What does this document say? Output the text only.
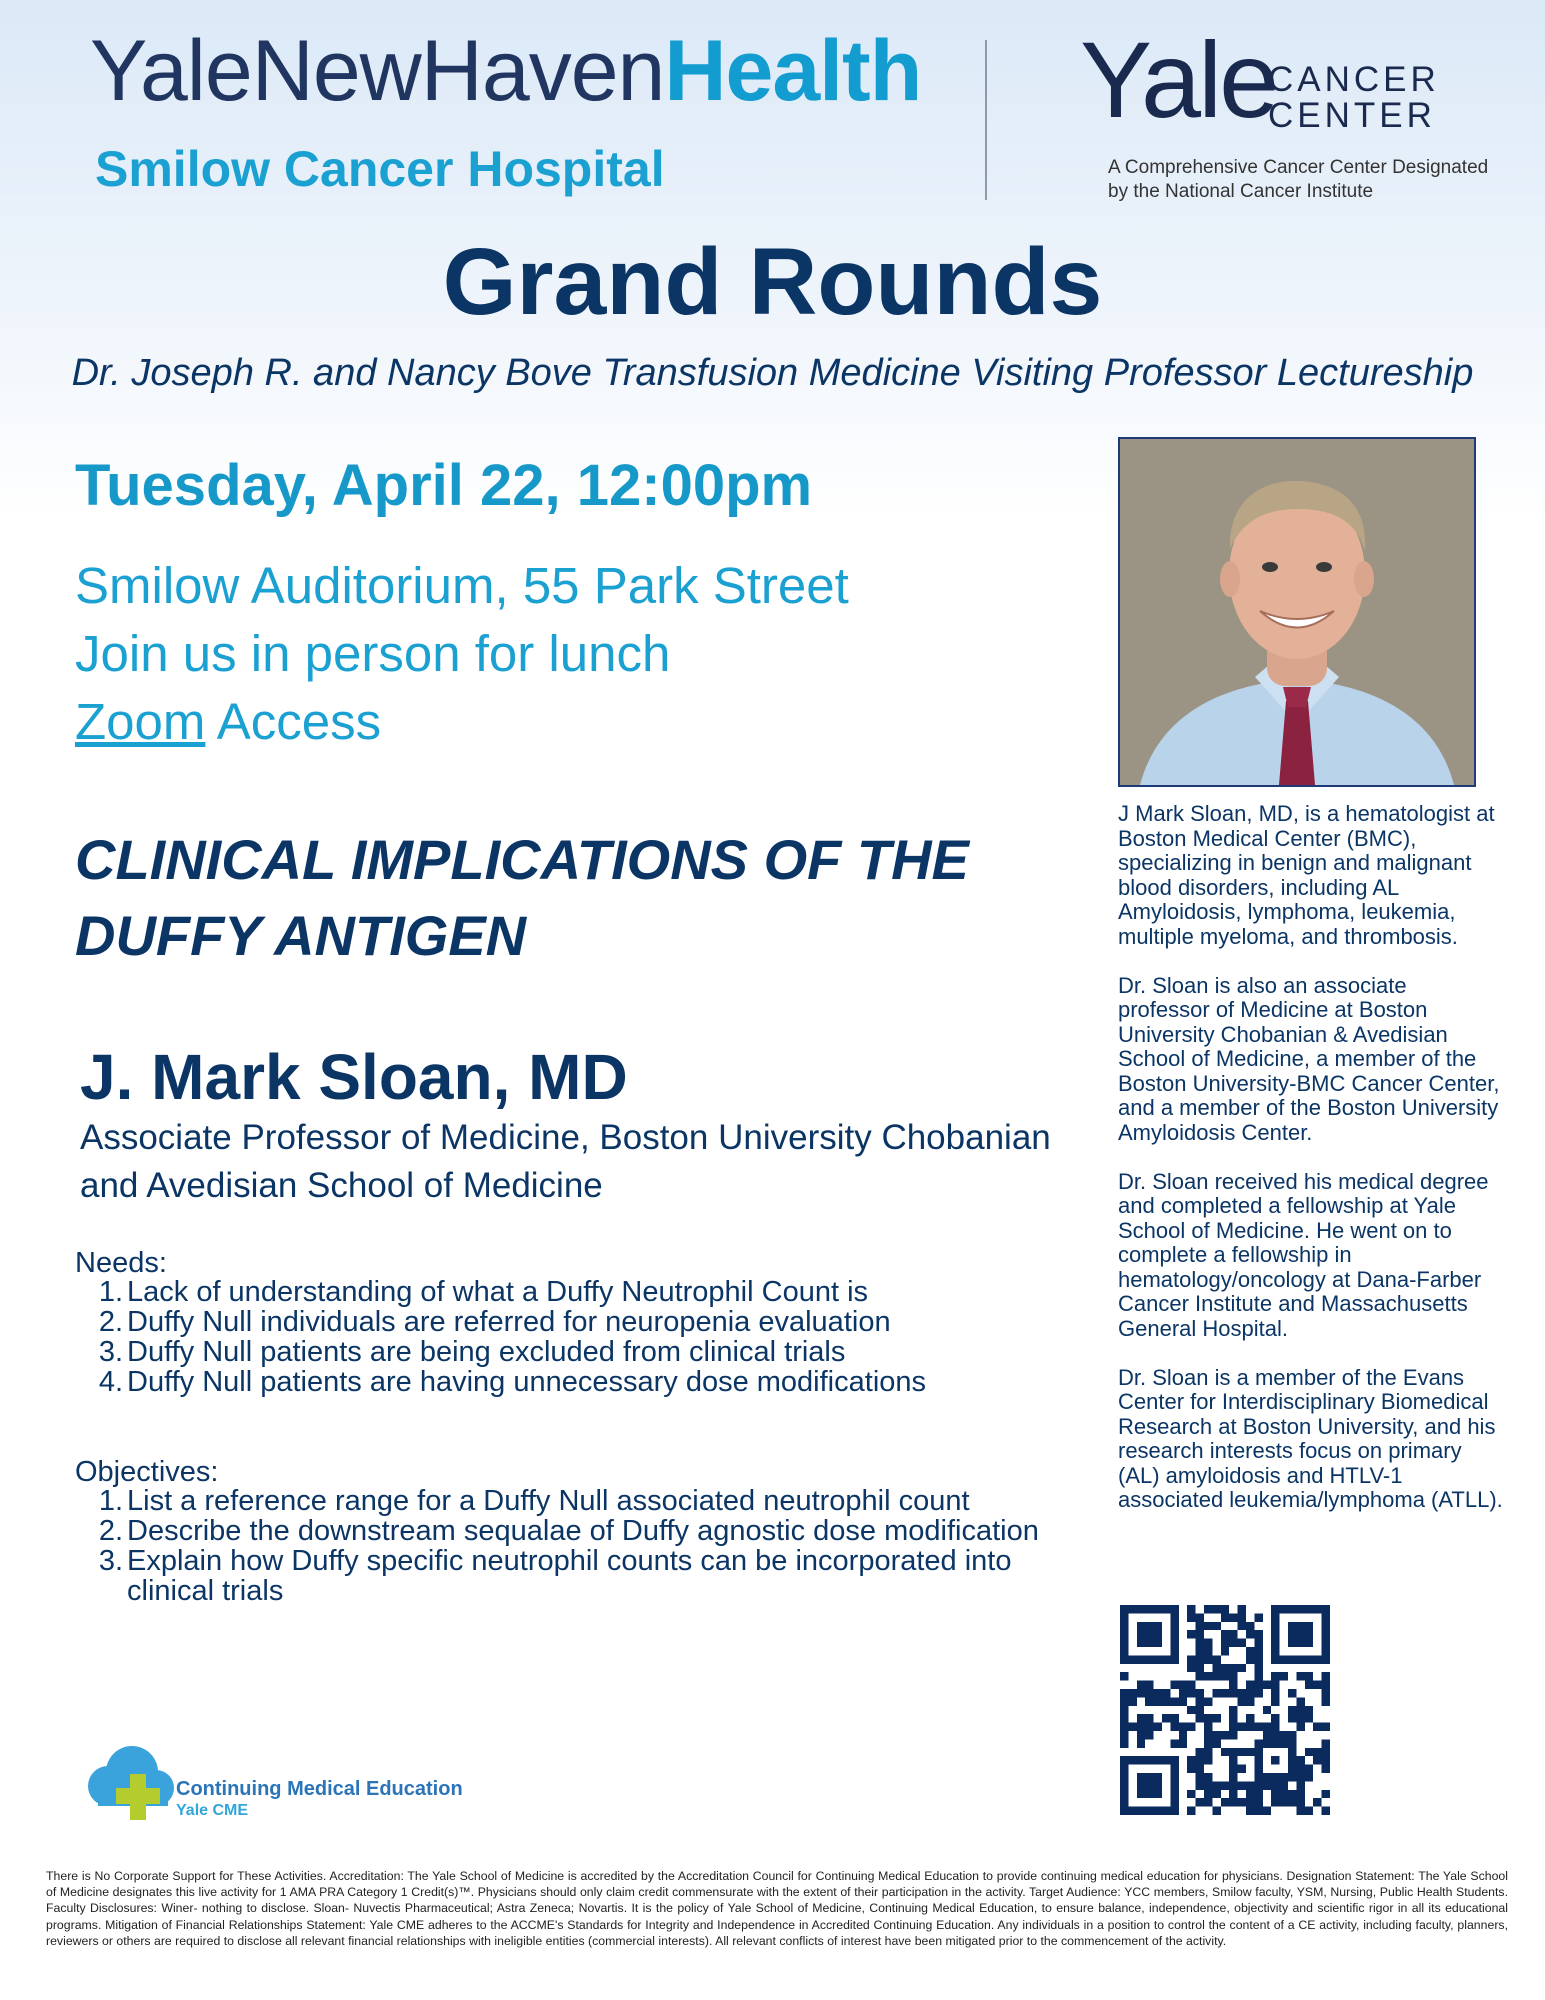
YaleNewHavenHealth
Smilow Cancer Hospital
Yale
CANCER
CENTER
A Comprehensive Cancer Center Designated
by the National Cancer Institute
Grand Rounds
Dr. Joseph R. and Nancy Bove Transfusion Medicine Visiting Professor Lectureship
Tuesday, April 22, 12:00pm
Smilow Auditorium, 55 Park Street
Join us in person for lunch
Zoom Access
CLINICAL IMPLICATIONS OF THE
DUFFY ANTIGEN
J. Mark Sloan, MD
Associate Professor of Medicine, Boston University Chobanian and Avedisian School of Medicine
Needs:
1. Lack of understanding of what a Duffy Neutrophil Count is
2. Duffy Null individuals are referred for neuropenia evaluation
3. Duffy Null patients are being excluded from clinical trials
4. Duffy Null patients are having unnecessary dose modifications
Objectives:
1. List a reference range for a Duffy Null associated neutrophil count
2. Describe the downstream sequalae of Duffy agnostic dose modification
3. Explain how Duffy specific neutrophil counts can be incorporated into clinical trials

J Mark Sloan, MD, is a hematologist at Boston Medical Center (BMC), specializing in benign and malignant blood disorders, including AL Amyloidosis, lymphoma, leukemia, multiple myeloma, and thrombosis.

Dr. Sloan is also an associate professor of Medicine at Boston University Chobanian & Avedisian School of Medicine, a member of the Boston University-BMC Cancer Center, and a member of the Boston University Amyloidosis Center.

Dr. Sloan received his medical degree and completed a fellowship at Yale School of Medicine. He went on to complete a fellowship in hematology/oncology at Dana-Farber Cancer Institute and Massachusetts General Hospital.

Dr. Sloan is a member of the Evans Center for Interdisciplinary Biomedical Research at Boston University, and his research interests focus on primary (AL) amyloidosis and HTLV-1 associated leukemia/lymphoma (ATLL).

Continuing Medical Education
Yale CME
There is No Corporate Support for These Activities. Accreditation: The Yale School of Medicine is accredited by the Accreditation Council for Continuing Medical Education to provide continuing medical education for physicians. Designation Statement: The Yale School of Medicine designates this live activity for 1 AMA PRA Category 1 Credit(s)™. Physicians should only claim credit commensurate with the extent of their participation in the activity. Target Audience: YCC members, Smilow faculty, YSM, Nursing, Public Health Students. Faculty Disclosures: Winer- nothing to disclose. Sloan- Nuvectis Pharmaceutical; Astra Zeneca; Novartis. It is the policy of Yale School of Medicine, Continuing Medical Education, to ensure balance, independence, objectivity and scientific rigor in all its educational programs. Mitigation of Financial Relationships Statement: Yale CME adheres to the ACCME's Standards for Integrity and Independence in Accredited Continuing Education. Any individuals in a position to control the content of a CE activity, including faculty, planners, reviewers or others are required to disclose all relevant financial relationships with ineligible entities (commercial interests). All relevant conflicts of interest have been mitigated prior to the commencement of the activity.
